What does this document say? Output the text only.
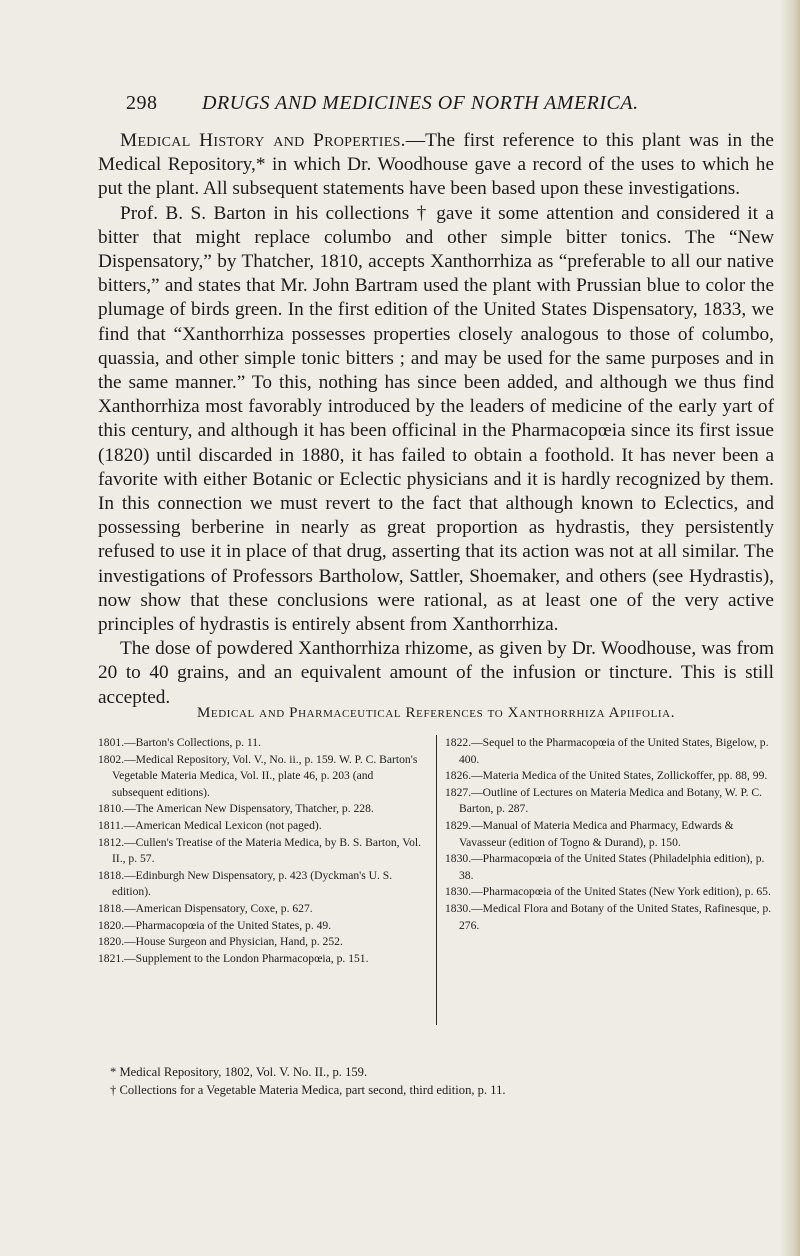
298 DRUGS AND MEDICINES OF NORTH AMERICA.

Medical History and Properties.—The first reference to this plant was in the Medical Repository,* in which Dr. Woodhouse gave a record of the uses to which he put the plant. All subsequent statements have been based upon these investigations.

Prof. B. S. Barton in his collections † gave it some attention and considered it a bitter that might replace columbo and other simple bitter tonics. The “New Dispensatory,” by Thatcher, 1810, accepts Xanthorrhiza as “preferable to all our native bitters,” and states that Mr. John Bartram used the plant with Prussian blue to color the plumage of birds green. In the first edition of the United States Dispensatory, 1833, we find that “Xanthorrhiza possesses properties closely analogous to those of columbo, quassia, and other simple tonic bitters ; and may be used for the same purposes and in the same manner.” To this, nothing has since been added, and although we thus find Xanthorrhiza most favorably introduced by the leaders of medicine of the early yart of this century, and although it has been officinal in the Pharmacopœia since its first issue (1820) until discarded in 1880, it has failed to obtain a foothold. It has never been a favorite with either Botanic or Eclectic physicians and it is hardly recognized by them. In this connection we must revert to the fact that although known to Eclectics, and possessing berberine in nearly as great proportion as hydrastis, they persistently refused to use it in place of that drug, asserting that its action was not at all similar. The investigations of Professors Bartholow, Sattler, Shoemaker, and others (see Hydrastis), now show that these conclusions were rational, as at least one of the very active principles of hydrastis is entirely absent from Xanthorrhiza.

The dose of powdered Xanthorrhiza rhizome, as given by Dr. Woodhouse, was from 20 to 40 grains, and an equivalent amount of the infusion or tincture. This is still accepted.

Medical and Pharmaceutical References to Xanthorrhiza Apiifolia.
1801.—Barton's Collections, p. 11.
1802.—Medical Repository, Vol. V., No. ii., p. 159. W. P. C. Barton's Vegetable Materia Medica, Vol. II., plate 46, p. 203 (and subsequent editions).
1810.—The American New Dispensatory, Thatcher, p. 228.
1811.—American Medical Lexicon (not paged).
1812.—Cullen's Treatise of the Materia Medica, by B. S. Barton, Vol. II., p. 57.
1818.—Edinburgh New Dispensatory, p. 423 (Dyckman's U. S. edition).
1818.—American Dispensatory, Coxe, p. 627.
1820.—Pharmacopœia of the United States, p. 49.
1820.—House Surgeon and Physician, Hand, p. 252.
1821.—Supplement to the London Pharmacopœia, p. 151.
1822.—Sequel to the Pharmacopœia of the United States, Bigelow, p. 400.
1826.—Materia Medica of the United States, Zollickoffer, pp. 88, 99.
1827.—Outline of Lectures on Materia Medica and Botany, W. P. C. Barton, p. 287.
1829.—Manual of Materia Medica and Pharmacy, Edwards & Vavasseur (edition of Togno & Durand), p. 150.
1830.—Pharmacopœia of the United States (Philadelphia edition), p. 38.
1830.—Pharmacopœia of the United States (New York edition), p. 65.
1830.—Medical Flora and Botany of the United States, Rafinesque, p. 276.
* Medical Repository, 1802, Vol. V. No. II., p. 159.
† Collections for a Vegetable Materia Medica, part second, third edition, p. 11.
